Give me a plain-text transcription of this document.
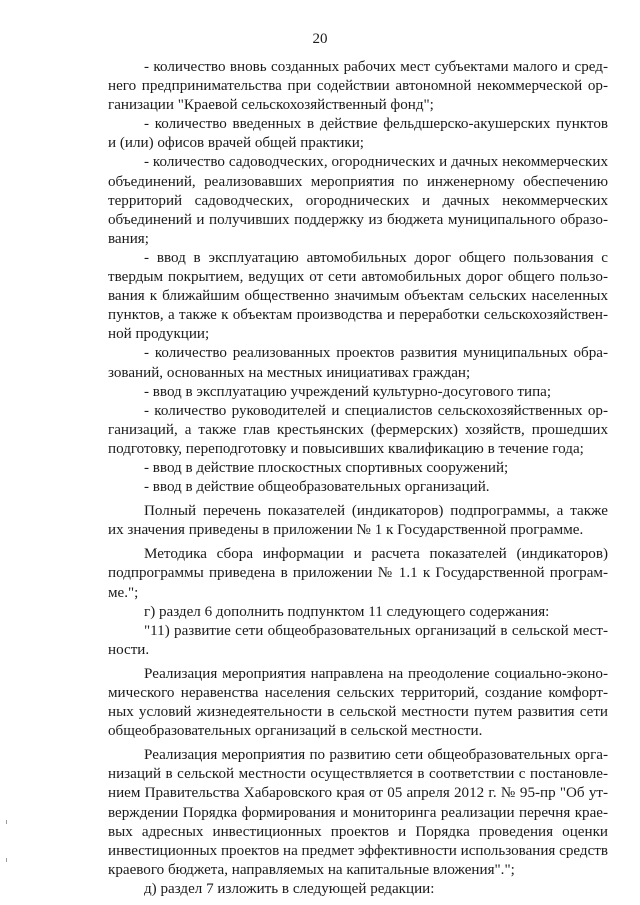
20

- количество вновь созданных рабочих мест субъектами малого и среднего предпринимательства при содействии автономной некоммерческой организации "Краевой сельскохозяйственный фонд";

- количество введенных в действие фельдшерско-акушерских пунктов и (или) офисов врачей общей практики;

- количество садоводческих, огороднических и дачных некоммерческих объединений, реализовавших мероприятия по инженерному обеспечению территорий садоводческих, огороднических и дачных некоммерческих объединений и получивших поддержку из бюджета муниципального образования;

- ввод в эксплуатацию автомобильных дорог общего пользования с твердым покрытием, ведущих от сети автомобильных дорог общего пользования к ближайшим общественно значимым объектам сельских населенных пунктов, а также к объектам производства и переработки сельскохозяйственной продукции;

- количество реализованных проектов развития муниципальных образований, основанных на местных инициативах граждан;

- ввод в эксплуатацию учреждений культурно-досугового типа;

- количество руководителей и специалистов сельскохозяйственных организаций, а также глав крестьянских (фермерских) хозяйств, прошедших подготовку, переподготовку и повысивших квалификацию в течение года;

- ввод в действие плоскостных спортивных сооружений;

- ввод в действие общеобразовательных организаций.

Полный перечень показателей (индикаторов) подпрограммы, а также их значения приведены в приложении № 1 к Государственной программе.

Методика сбора информации и расчета показателей (индикаторов) подпрограммы приведена в приложении № 1.1 к Государственной программе.";

г) раздел 6 дополнить подпунктом 11 следующего содержания:

"11) развитие сети общеобразовательных организаций в сельской местности.

Реализация мероприятия направлена на преодоление социально-экономического неравенства населения сельских территорий, создание комфортных условий жизнедеятельности в сельской местности путем развития сети общеобразовательных организаций в сельской местности.

Реализация мероприятия по развитию сети общеобразовательных организаций в сельской местности осуществляется в соответствии с постановлением Правительства Хабаровского края от 05 апреля 2012 г. № 95-пр "Об утверждении Порядка формирования и мониторинга реализации перечня краевых адресных инвестиционных проектов и Порядка проведения оценки инвестиционных проектов на предмет эффективности использования средств краевого бюджета, направляемых на капитальные вложения".";

д) раздел 7 изложить в следующей редакции:
